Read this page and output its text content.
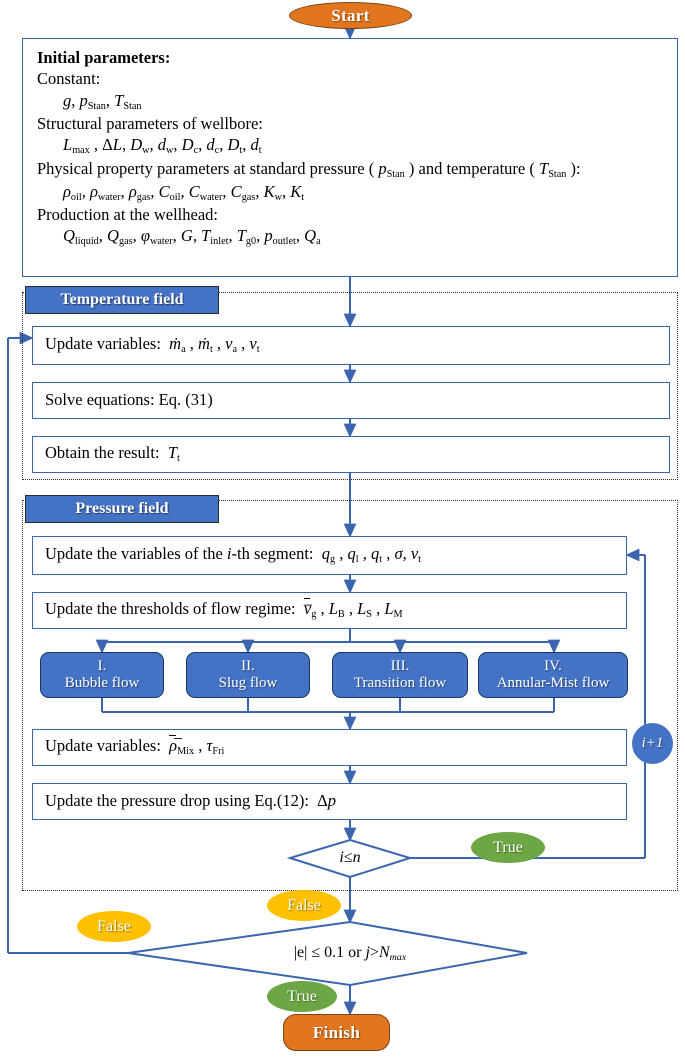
Start
Initial parameters:
Constant:
g, $p_{Stan}$, $T_{Stan}$
Structural parameters of wellbore:
$L_{max}$ , ΔL, $D_w$, $d_w$, $D_c$, $d_c$, $D_t$, $d_t$
Physical property parameters at standard pressure ( $p_{Stan}$ ) and temperature ( $T_{Stan}$ ):
$\rho_{oil}$, $\rho_{water}$, $\rho_{gas}$, $C_{oil}$, $C_{water}$, $C_{gas}$, $K_w$, $K_t$
Production at the wellhead:
$Q_{liquid}$, $Q_{gas}$, $\varphi_{water}$, G, $T_{inlet}$, $T_{g0}$, $p_{outlet}$, $Q_a$
Temperature field
Update variables:  $ṁ_a$ , $ṁ_t$ , $v_a$ , $v_t$
Solve equations: Eq. (31)
Obtain the result:  $T_t$
Pressure field
Update the variables of the i-th segment:  $q_g$ , $q_l$ , $q_t$ , σ, $v_t$
Update the thresholds of flow regime:  $v̅_g$ , $L_B$ , $L_S$ , $L_M$
I.
Bubble flow
II.
Slug flow
III.
Transition flow
IV.
Annular-Mist flow
Update variables:  $\rho̅_{Mix}$ , $\tau_{Fri}$
Update the pressure drop using Eq.(12):  Δp
i+1
i≤n
True
False
|e| ≤ 0.1 or $j>N_{max}$
False
True
Finish
